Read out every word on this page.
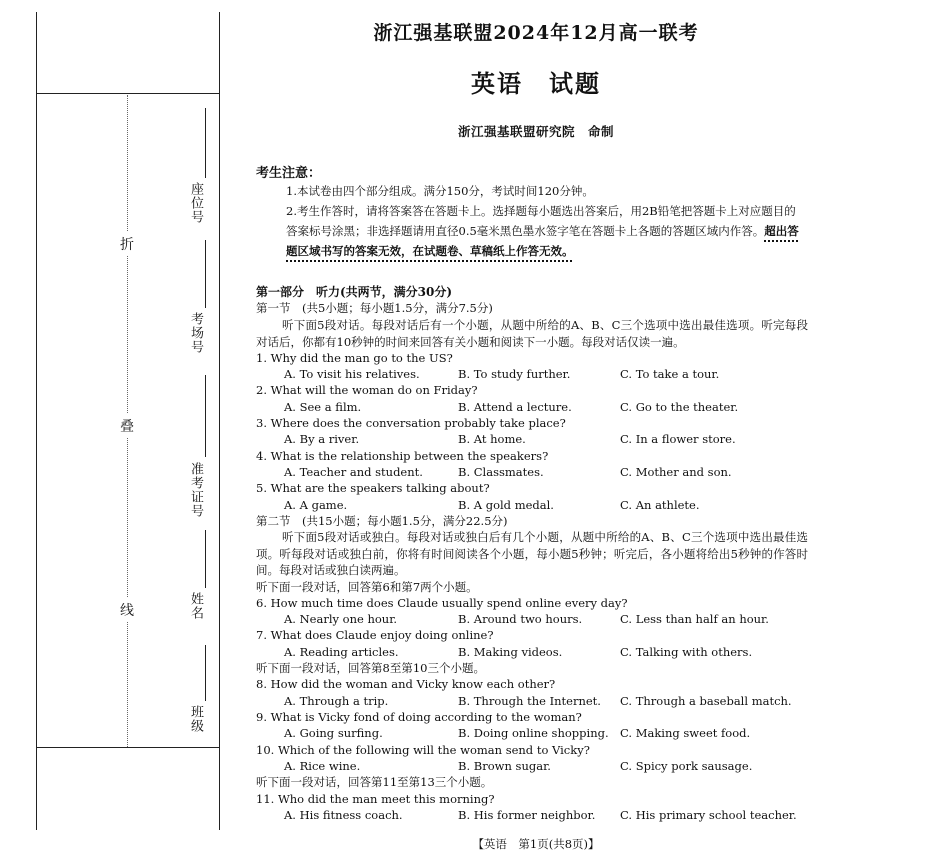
折
叠
线
座位号
考场号
准考证号
姓名
班级
浙江强基联盟2024年12月高一联考
英语　试题
浙江强基联盟研究院　命制
考生注意：
1.本试卷由四个部分组成。满分150分，考试时间120分钟。
2.考生作答时，请将答案答在答题卡上。选择题每小题选出答案后，用2B铅笔把答题卡上对应题目的答案标号涂黑；非选择题请用直径0.5毫米黑色墨水签字笔在答题卡上各题的答题区域内作答。超出答题区域书写的答案无效，在试题卷、草稿纸上作答无效。
第一部分　听力(共两节，满分30分)
第一节　(共5小题；每小题1.5分，满分7.5分)
听下面5段对话。每段对话后有一个小题，从题中所给的A、B、C三个选项中选出最佳选项。听完每段对话后，你都有10秒钟的时间来回答有关小题和阅读下一小题。每段对话仅读一遍。
1. Why did the man go to the US?
A. To visit his relatives.	B. To study further.	C. To take a tour.
2. What will the woman do on Friday?
A. See a film.	B. Attend a lecture.	C. Go to the theater.
3. Where does the conversation probably take place?
A. By a river.	B. At home.	C. In a flower store.
4. What is the relationship between the speakers?
A. Teacher and student.	B. Classmates.	C. Mother and son.
5. What are the speakers talking about?
A. A game.	B. A gold medal.	C. An athlete.
第二节　(共15小题；每小题1.5分，满分22.5分)
听下面5段对话或独白。每段对话或独白后有几个小题，从题中所给的A、B、C三个选项中选出最佳选项。听每段对话或独白前，你将有时间阅读各个小题，每小题5秒钟；听完后，各小题将给出5秒钟的作答时间。每段对话或独白读两遍。
听下面一段对话，回答第6和第7两个小题。
6. How much time does Claude usually spend online every day?
A. Nearly one hour.	B. Around two hours.	C. Less than half an hour.
7. What does Claude enjoy doing online?
A. Reading articles.	B. Making videos.	C. Talking with others.
听下面一段对话，回答第8至第10三个小题。
8. How did the woman and Vicky know each other?
A. Through a trip.	B. Through the Internet. C. Through a baseball match.
9. What is Vicky fond of doing according to the woman?
A. Going surfing.	B. Doing online shopping. C. Making sweet food.
10. Which of the following will the woman send to Vicky?
A. Rice wine.	B. Brown sugar.	C. Spicy pork sausage.
听下面一段对话，回答第11至第13三个小题。
11. Who did the man meet this morning?
A. His fitness coach.	B. His former neighbor. C. His primary school teacher.
【英语　第1页(共8页)】
